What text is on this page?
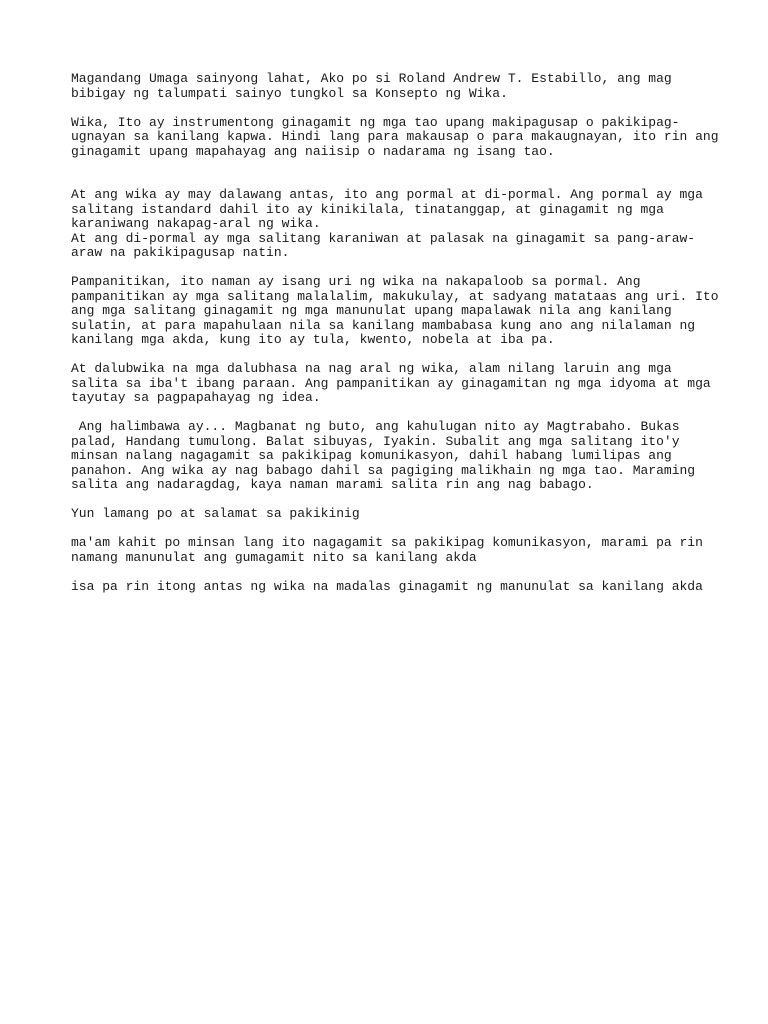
Magandang Umaga sainyong lahat, Ako po si Roland Andrew T. Estabillo, ang mag
bibigay ng talumpati sainyo tungkol sa Konsepto ng Wika.

Wika, Ito ay instrumentong ginagamit ng mga tao upang makipagusap o pakikipag-
ugnayan sa kanilang kapwa. Hindi lang para makausap o para makaugnayan, ito rin ang
ginagamit upang mapahayag ang naiisip o nadarama ng isang tao.

At ang wika ay may dalawang antas, ito ang pormal at di-pormal. Ang pormal ay mga
salitang istandard dahil ito ay kinikilala, tinatanggap, at ginagamit ng mga
karaniwang nakapag-aral ng wika.
At ang di-pormal ay mga salitang karaniwan at palasak na ginagamit sa pang-araw-
araw na pakikipagusap natin.

Pampanitikan, ito naman ay isang uri ng wika na nakapaloob sa pormal. Ang
pampanitikan ay mga salitang malalalim, makukulay, at sadyang matataas ang uri. Ito
ang mga salitang ginagamit ng mga manunulat upang mapalawak nila ang kanilang
sulatin, at para mapahulaan nila sa kanilang mambabasa kung ano ang nilalaman ng
kanilang mga akda, kung ito ay tula, kwento, nobela at iba pa.

At dalubwika na mga dalubhasa na nag aral ng wika, alam nilang laruin ang mga
salita sa iba't ibang paraan. Ang pampanitikan ay ginagamitan ng mga idyoma at mga
tayutay sa pagpapahayag ng idea.

Ang halimbawa ay... Magbanat ng buto, ang kahulugan nito ay Magtrabaho. Bukas
palad, Handang tumulong. Balat sibuyas, Iyakin. Subalit ang mga salitang ito'y
minsan nalang nagagamit sa pakikipag komunikasyon, dahil habang lumilipas ang
panahon. Ang wika ay nag babago dahil sa pagiging malikhain ng mga tao. Maraming
salita ang nadaragdag, kaya naman marami salita rin ang nag babago.

Yun lamang po at salamat sa pakikinig

ma'am kahit po minsan lang ito nagagamit sa pakikipag komunikasyon, marami pa rin
namang manunulat ang gumagamit nito sa kanilang akda

isa pa rin itong antas ng wika na madalas ginagamit ng manunulat sa kanilang akda
